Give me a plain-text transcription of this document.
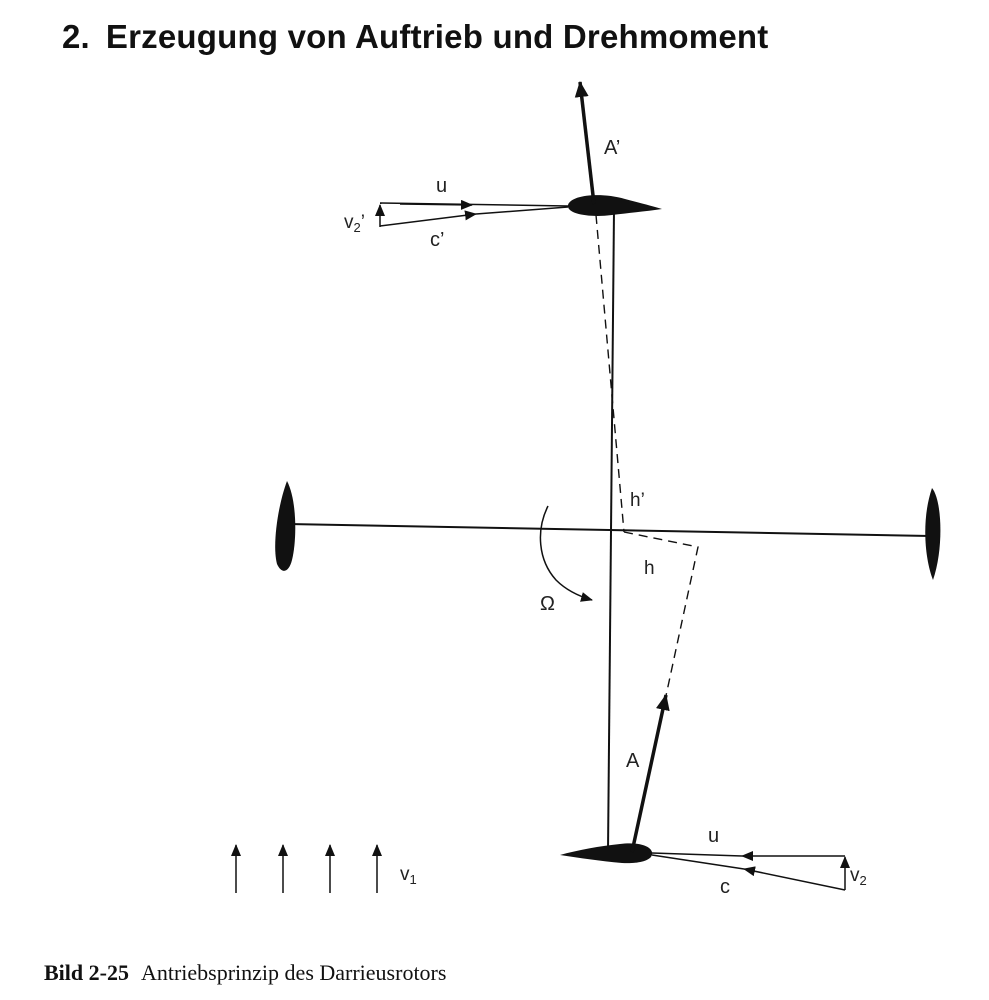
2. Erzeugung von Auftrieb und Drehmoment
A’
A
u
c’
$v_2$’
u
c
$v_2$
$v_1$
h’
h
Ω
Bild 2-25 Antriebsprinzip des Darrieusrotors
